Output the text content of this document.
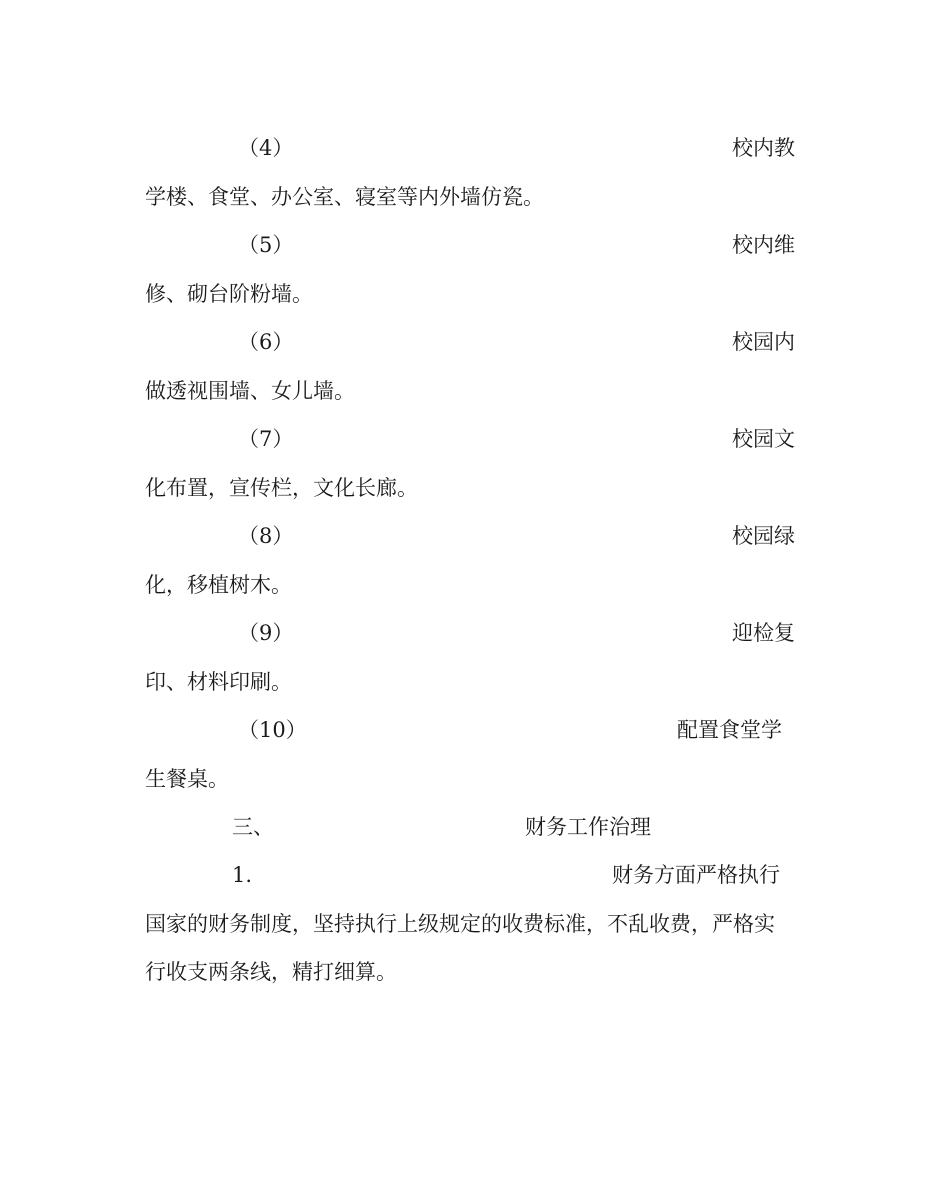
（4）	校内教
学楼、食堂、办公室、寝室等内外墙仿瓷。
（5）	校内维
修、砌台阶粉墙。
（6）	校园内
做透视围墙、女儿墙。
（7）	校园文
化布置，宣传栏，文化长廊。
（8）	校园绿
化，移植树木。
（9）	迎检复
印、材料印刷。
（10）	配置食堂学
生餐桌。
三、	财务工作治理
1.	财务方面严格执行
国家的财务制度，坚持执行上级规定的收费标准，不乱收费，严格实
行收支两条线，精打细算。
